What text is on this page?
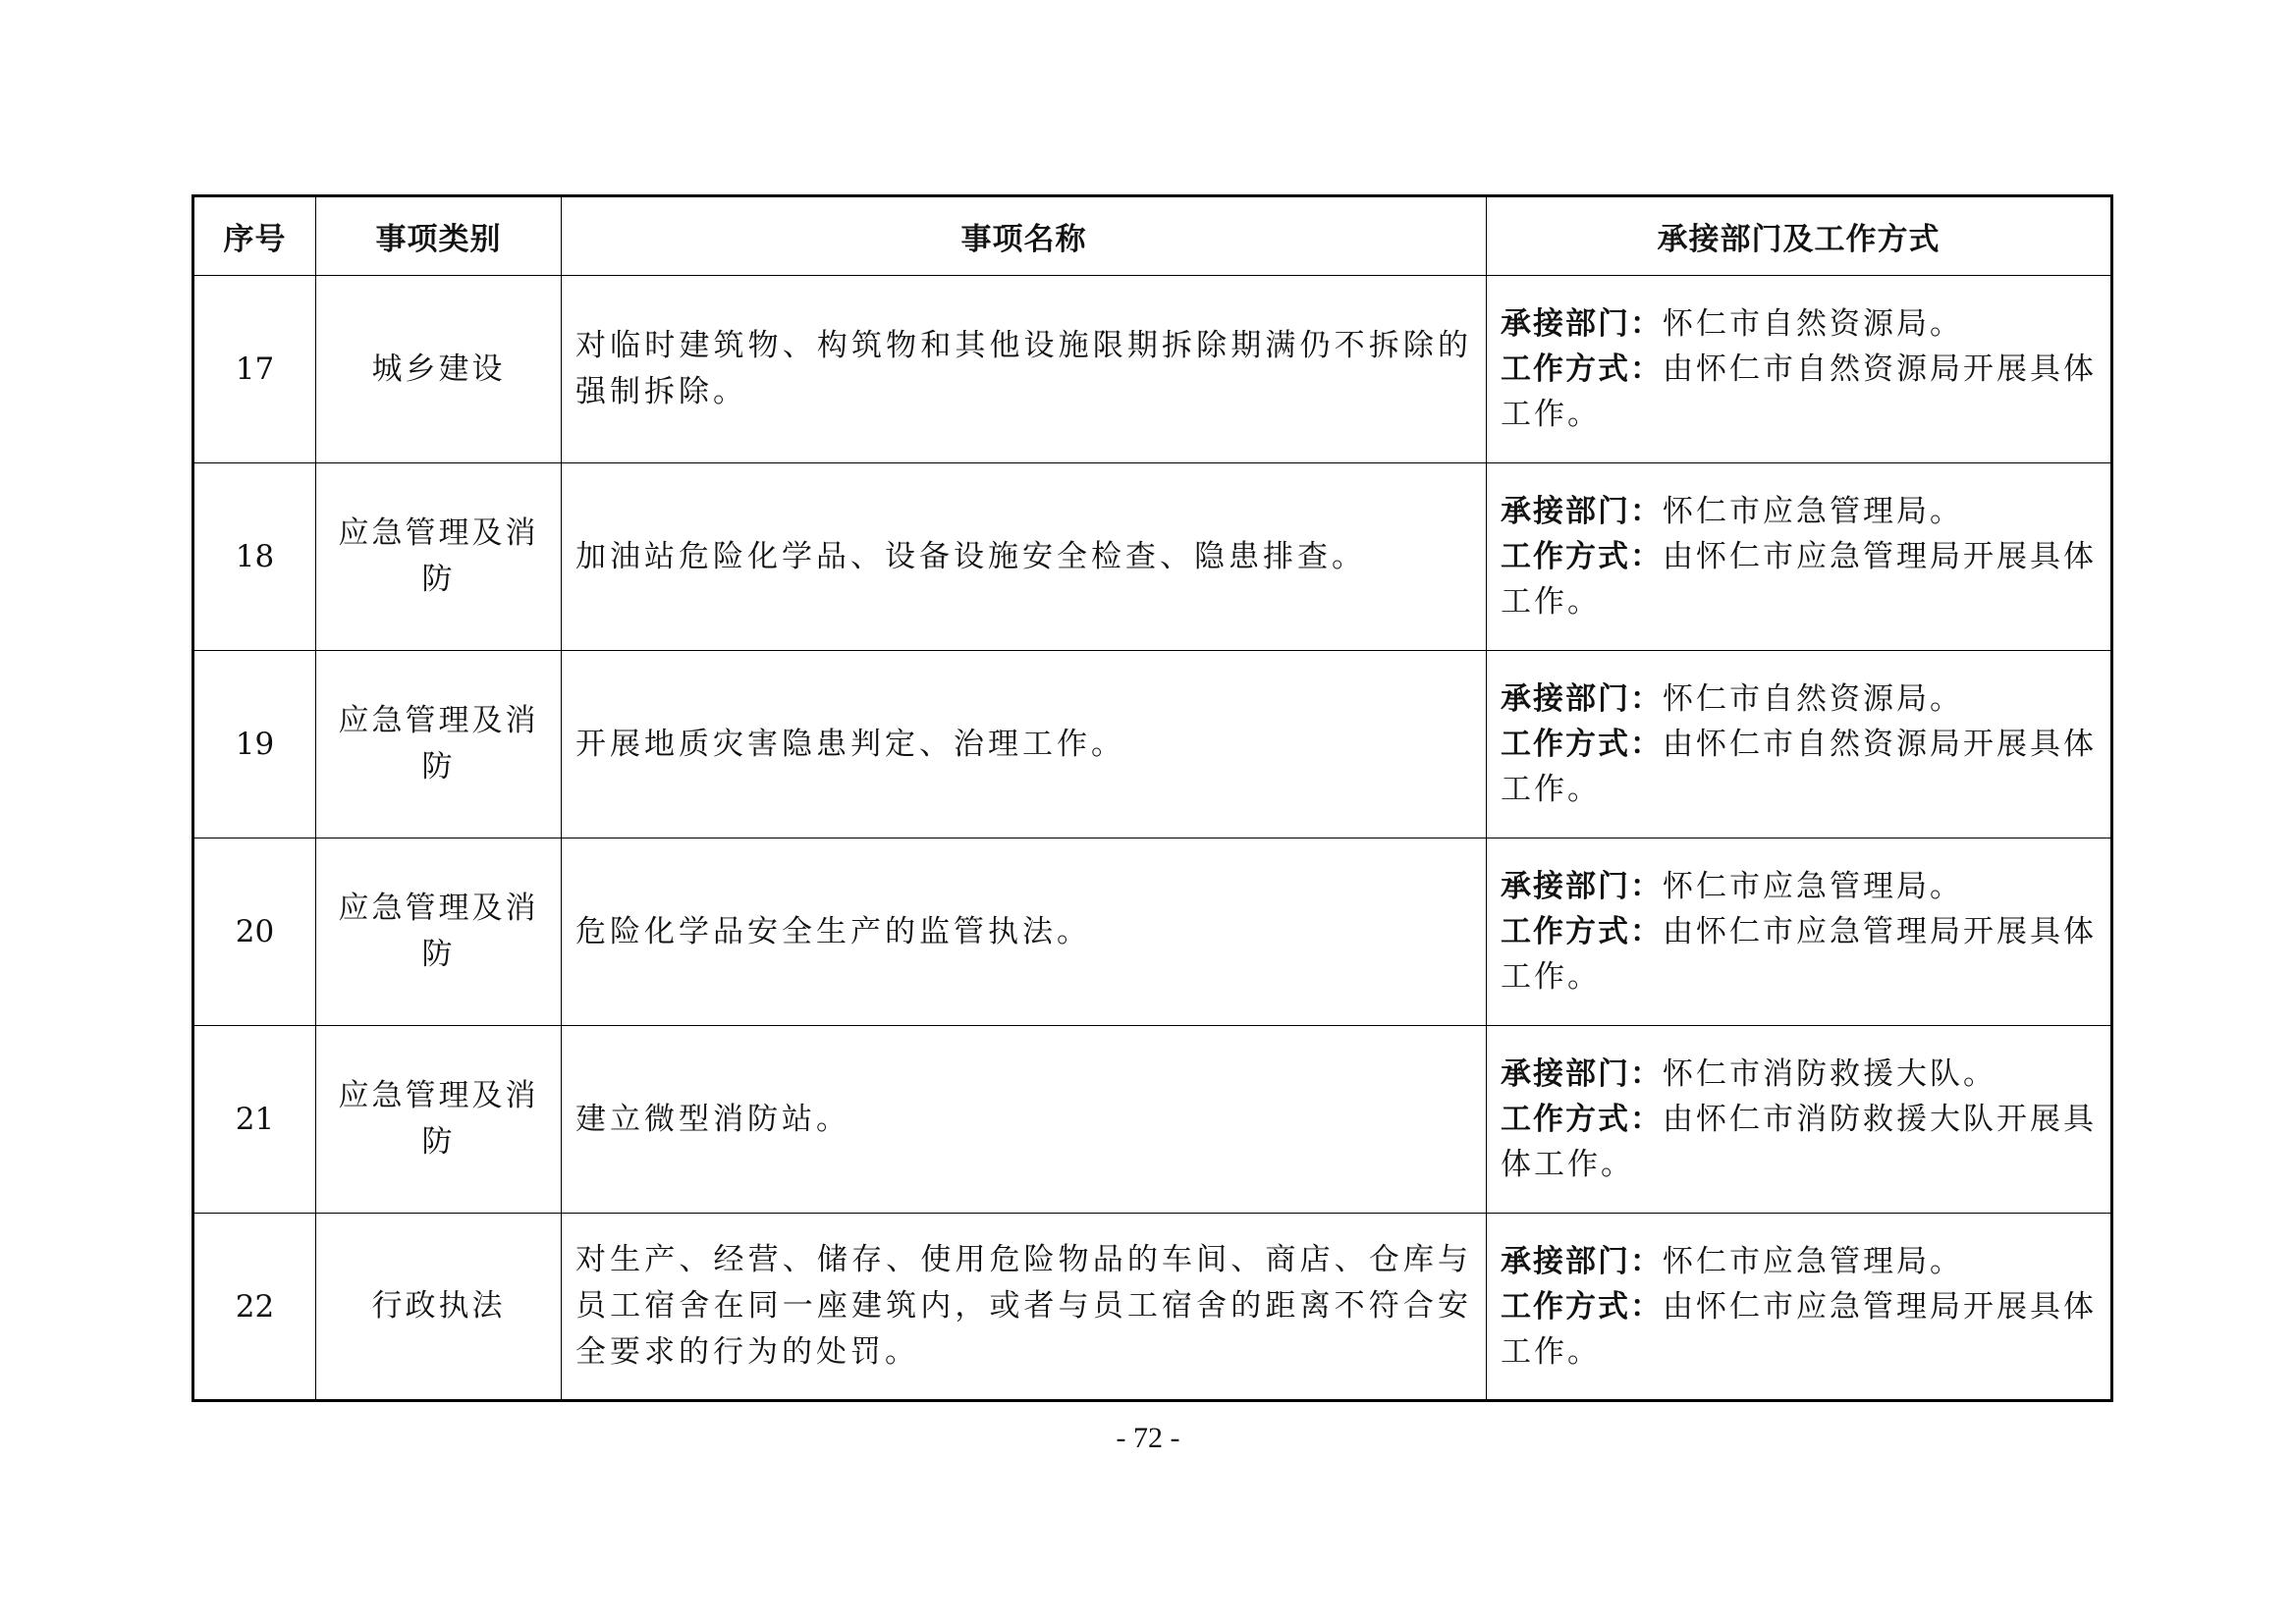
序号	事项类别	事项名称	承接部门及工作方式
17	城乡建设	对临时建筑物、构筑物和其他设施限期拆除期满仍不拆除的强制拆除。	承接部门：怀仁市自然资源局。
工作方式：由怀仁市自然资源局开展具体工作。
18	应急管理及消防	加油站危险化学品、设备设施安全检查、隐患排查。	承接部门：怀仁市应急管理局。
工作方式：由怀仁市应急管理局开展具体工作。
19	应急管理及消防	开展地质灾害隐患判定、治理工作。	承接部门：怀仁市自然资源局。
工作方式：由怀仁市自然资源局开展具体工作。
20	应急管理及消防	危险化学品安全生产的监管执法。	承接部门：怀仁市应急管理局。
工作方式：由怀仁市应急管理局开展具体工作。
21	应急管理及消防	建立微型消防站。	承接部门：怀仁市消防救援大队。
工作方式：由怀仁市消防救援大队开展具体工作。
22	行政执法	对生产、经营、储存、使用危险物品的车间、商店、仓库与员工宿舍在同一座建筑内，或者与员工宿舍的距离不符合安全要求的行为的处罚。	承接部门：怀仁市应急管理局。
工作方式：由怀仁市应急管理局开展具体工作。
- 72 -
